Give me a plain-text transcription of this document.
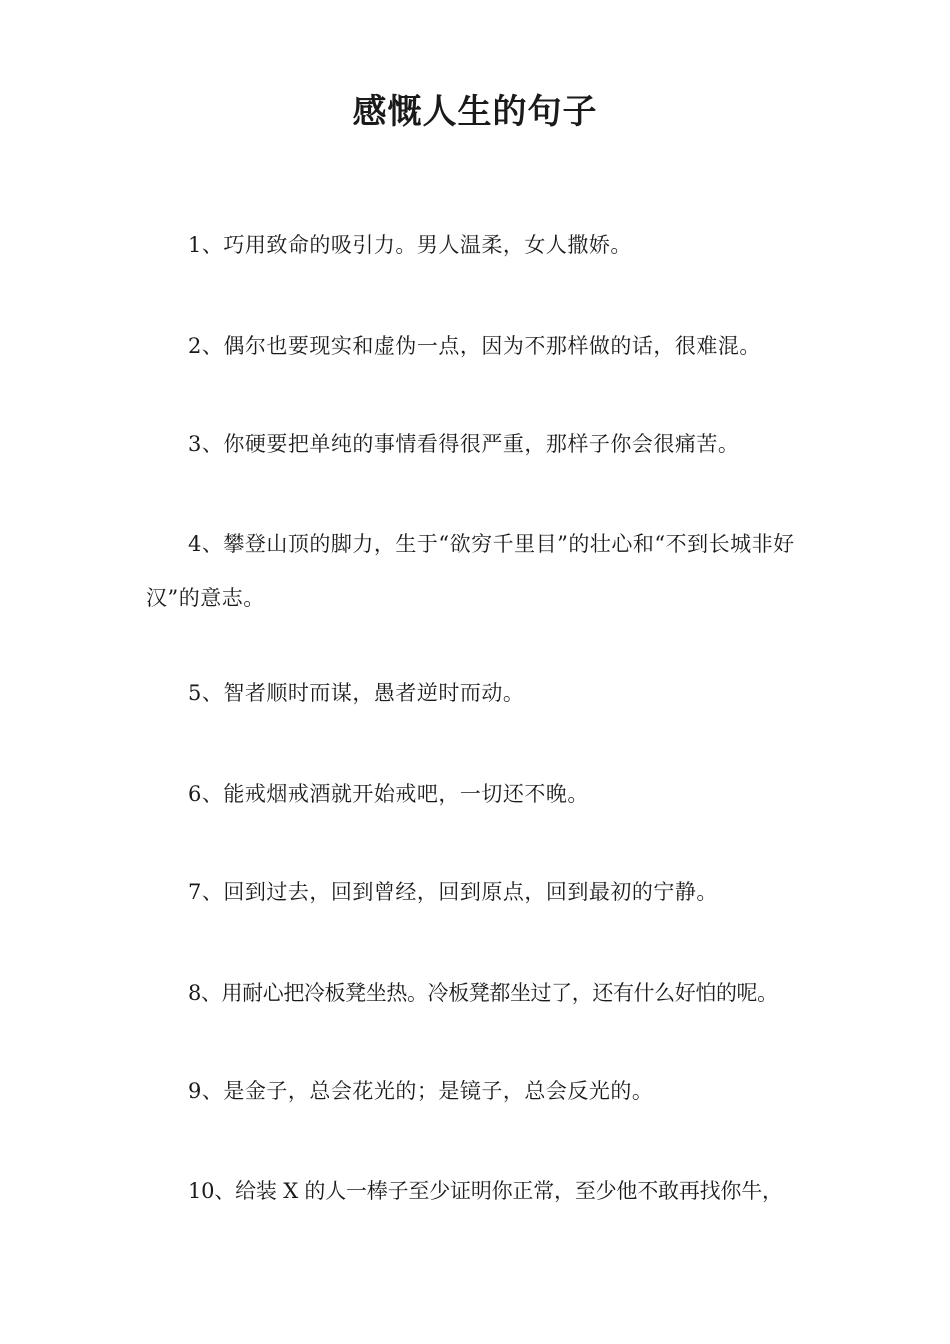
感慨人生的句子
1、巧用致命的吸引力。男人温柔，女人撒娇。
2、偶尔也要现实和虚伪一点，因为不那样做的话，很难混。
3、你硬要把单纯的事情看得很严重，那样子你会很痛苦。
4、攀登山顶的脚力，生于“欲穷千里目”的壮心和“不到长城非好汉”的意志。
5、智者顺时而谋，愚者逆时而动。
6、能戒烟戒酒就开始戒吧，一切还不晚。
7、回到过去，回到曾经，回到原点，回到最初的宁静。
8、用耐心把冷板凳坐热。冷板凳都坐过了，还有什么好怕的呢。
9、是金子，总会花光的；是镜子，总会反光的。
10、给装 X 的人一棒子至少证明你正常，至少他不敢再找你牛，
